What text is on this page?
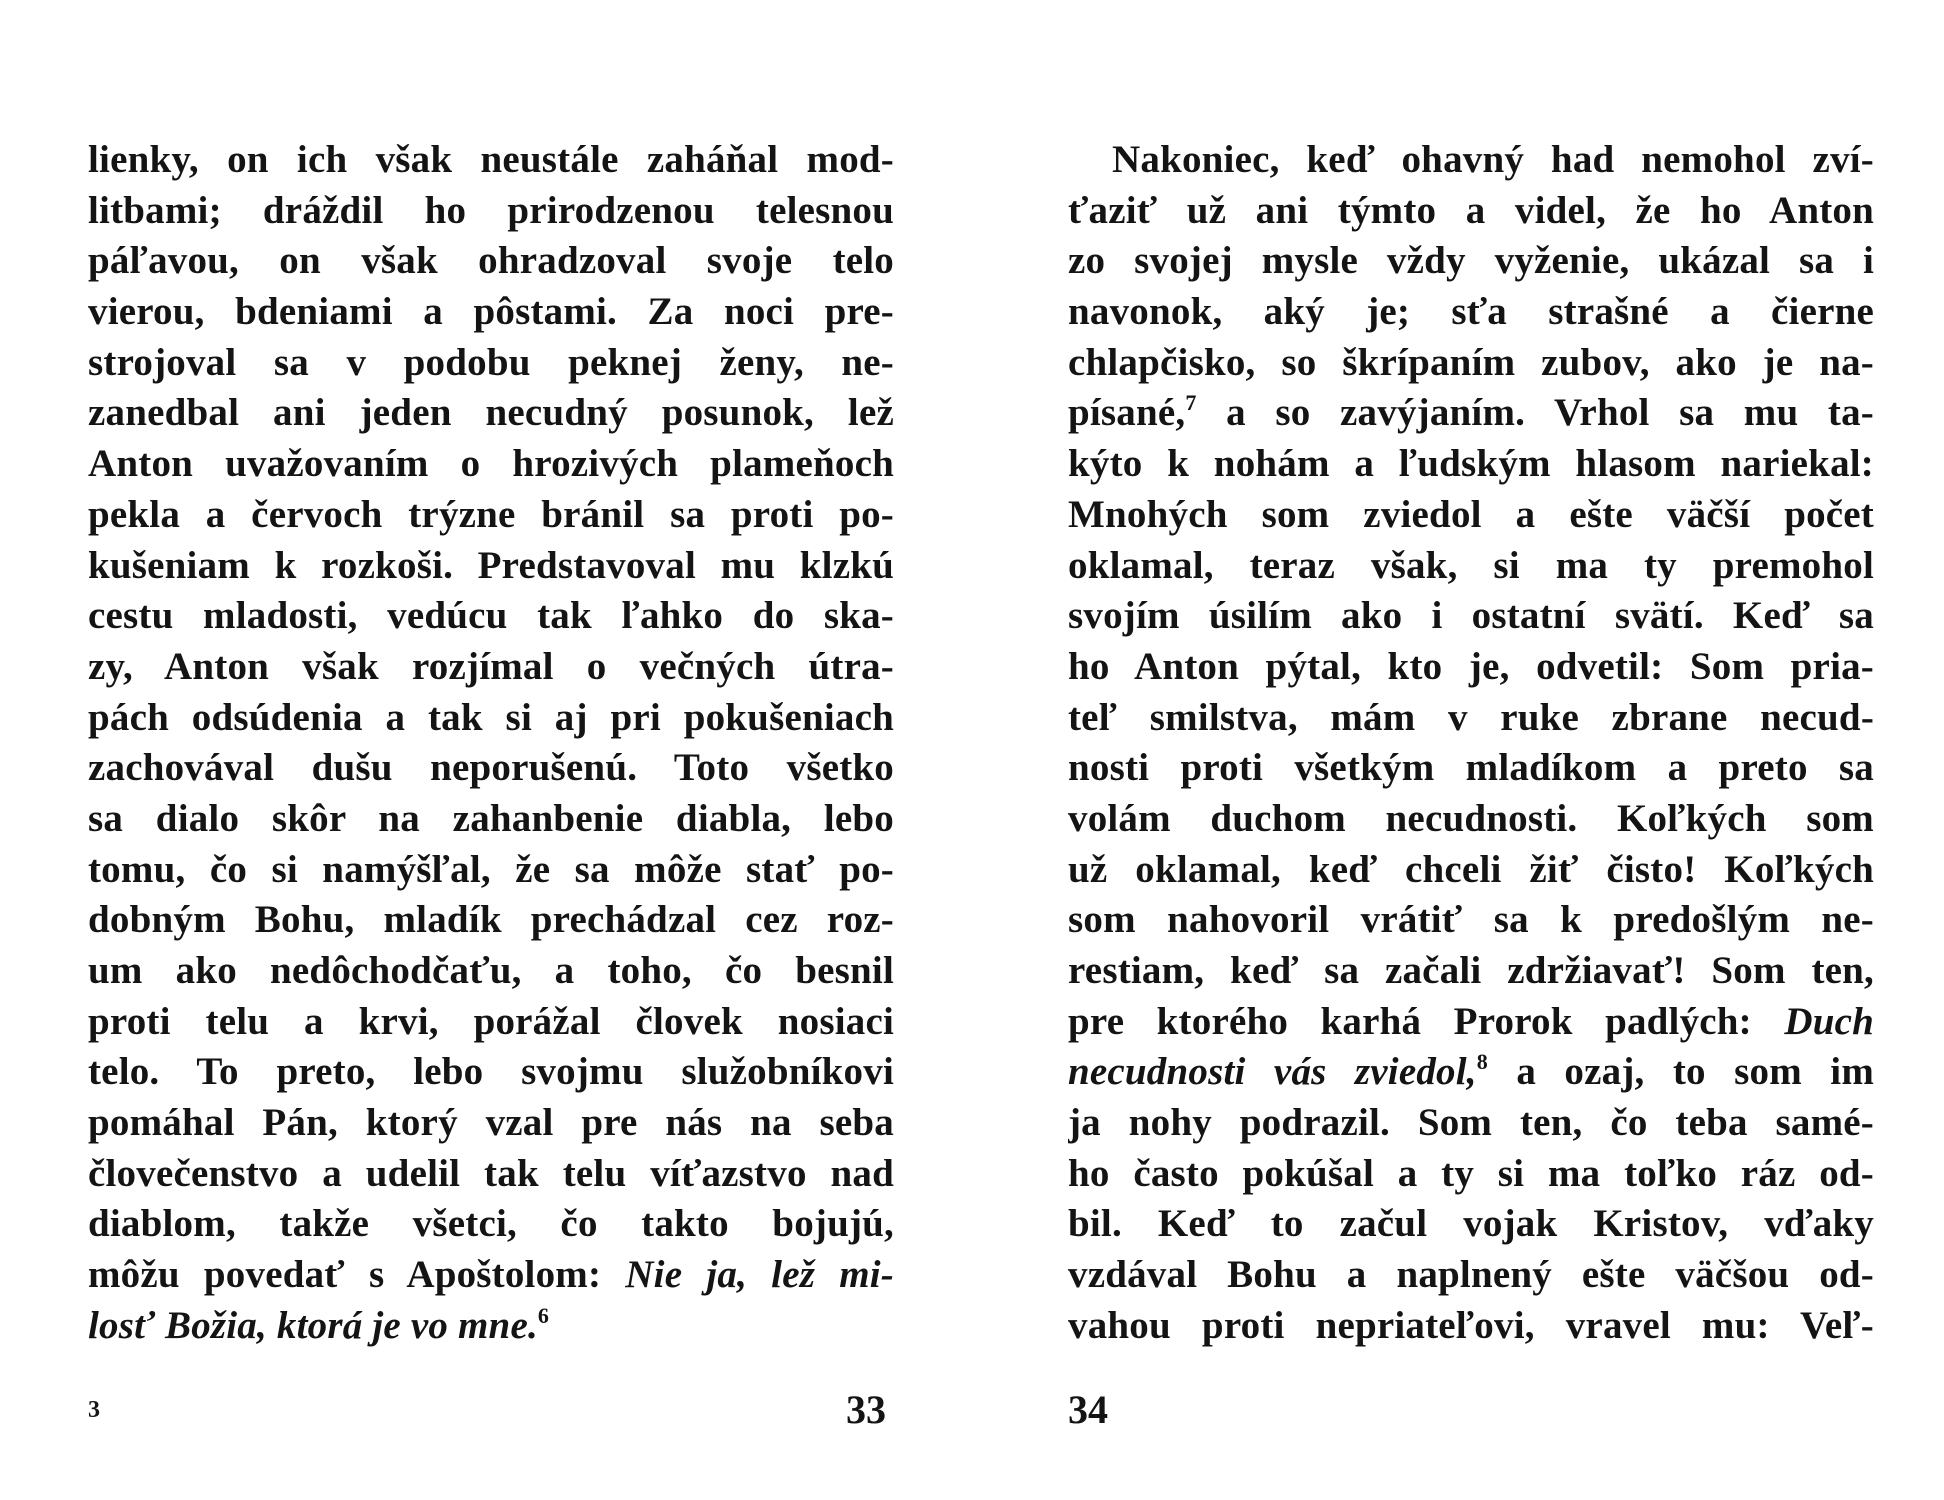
lienky, on ich však neustále zaháňal mod-
litbami; dráždil ho prirodzenou telesnou
páľavou, on však ohradzoval svoje telo
vierou, bdeniami a pôstami. Za noci pre-
strojoval sa v podobu peknej ženy, ne-
zanedbal ani jeden necudný posunok, lež
Anton uvažovaním o hrozivých plameňoch
pekla a červoch trýzne bránil sa proti po-
kušeniam k rozkoši. Predstavoval mu klzkú
cestu mladosti, vedúcu tak ľahko do ska-
zy, Anton však rozjímal o večných útra-
pách odsúdenia a tak si aj pri pokušeniach
zachovával dušu neporušenú. Toto všetko
sa dialo skôr na zahanbenie diabla, lebo
tomu, čo si namýšľal, že sa môže stať po-
dobným Bohu, mladík prechádzal cez roz-
um ako nedôchodčaťu, a toho, čo besnil
proti telu a krvi, porážal človek nosiaci
telo. To preto, lebo svojmu služobníkovi
pomáhal Pán, ktorý vzal pre nás na seba
človečenstvo a udelil tak telu víťazstvo nad
diablom, takže všetci, čo takto bojujú,
môžu povedať s Apoštolom: Nie ja, lež mi-
losť Božia, ktorá je vo mne.$^6$
Nakoniec, keď ohavný had nemohol zví-
ťaziť už ani týmto a videl, že ho Anton
zo svojej mysle vždy vyženie, ukázal sa i
navonok, aký je; sťa strašné a čierne
chlapčisko, so škrípaním zubov, ako je na-
písané,$^7$ a so zavýjaním. Vrhol sa mu ta-
kýto k nohám a ľudským hlasom nariekal:
Mnohých som zviedol a ešte väčší počet
oklamal, teraz však, si ma ty premohol
svojím úsilím ako i ostatní svätí. Keď sa
ho Anton pýtal, kto je, odvetil: Som pria-
teľ smilstva, mám v ruke zbrane necud-
nosti proti všetkým mladíkom a preto sa
volám duchom necudnosti. Koľkých som
už oklamal, keď chceli žiť čisto! Koľkých
som nahovoril vrátiť sa k predošlým ne-
restiam, keď sa začali zdržiavať! Som ten,
pre ktorého karhá Prorok padlých: Duch
necudnosti vás zviedol,$^8$ a ozaj, to som im
ja nohy podrazil. Som ten, čo teba samé-
ho často pokúšal a ty si ma toľko ráz od-
bil. Keď to začul vojak Kristov, vďaky
vzdával Bohu a naplnený ešte väčšou od-
vahou proti nepriateľovi, vravel mu: Veľ-
3	33	34
